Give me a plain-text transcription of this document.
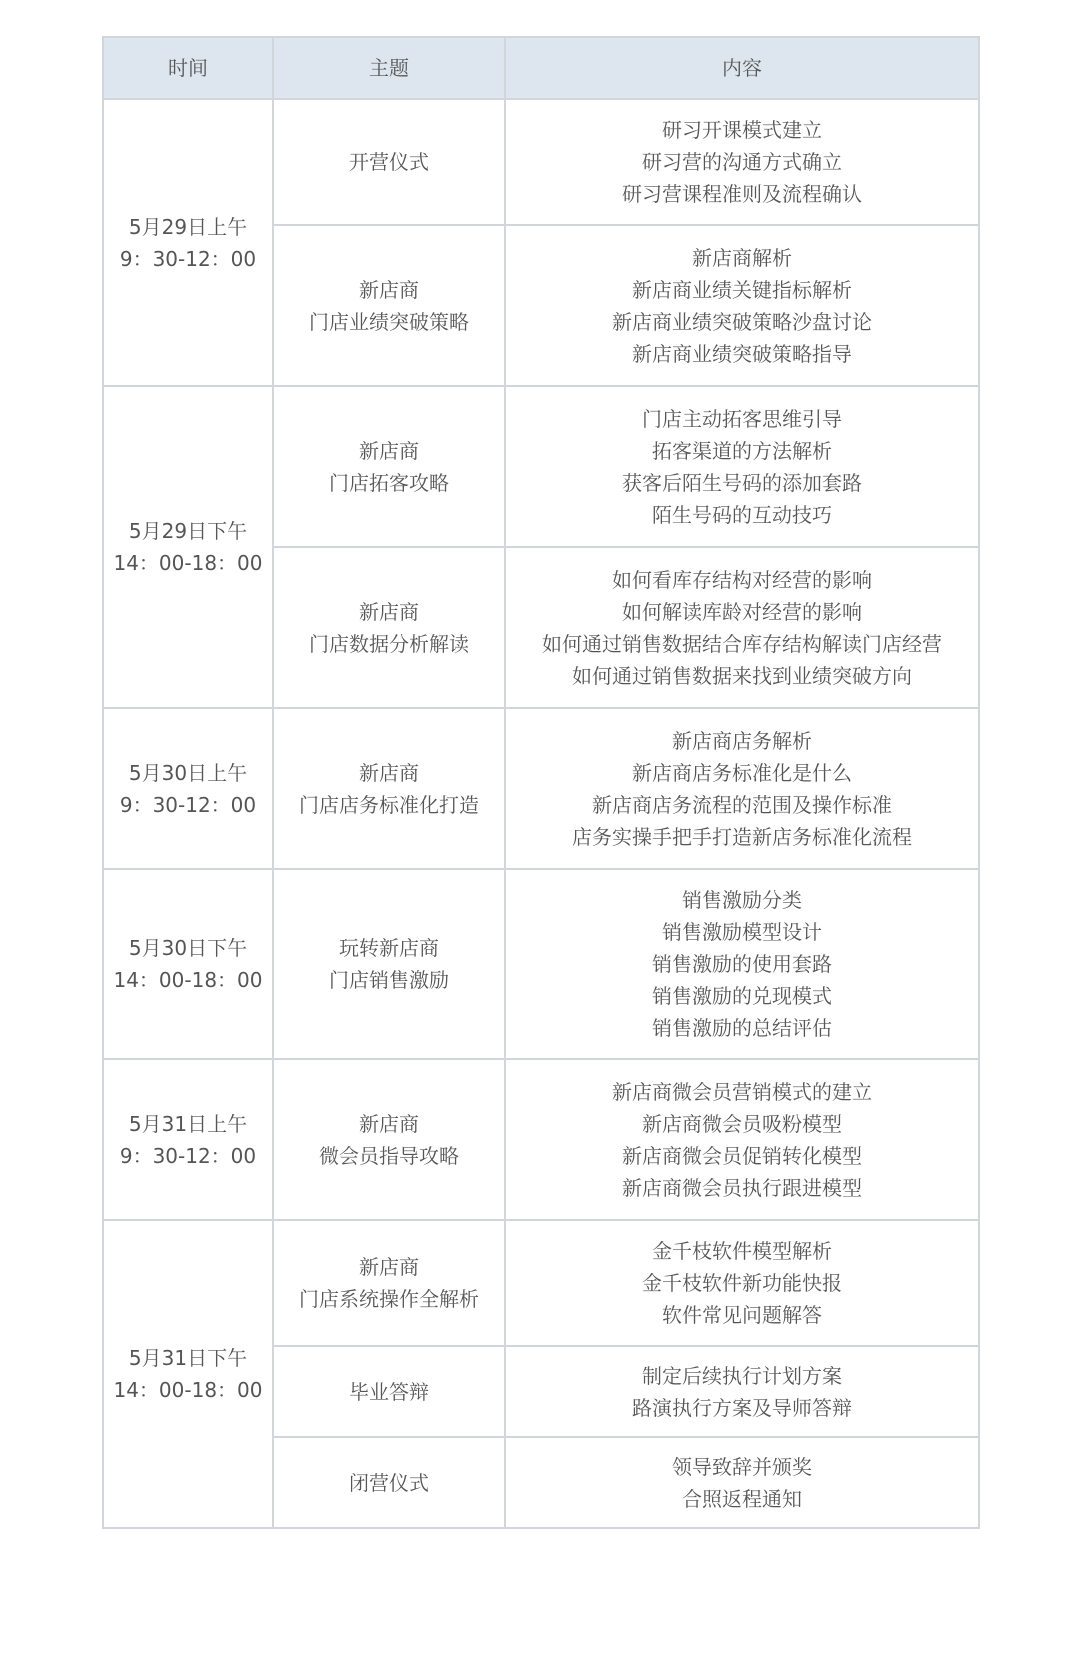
时间	主题	内容

5月29日上午
9：30-12：00	开营仪式	研习开课模式建立
研习营的沟通方式确立
研习营课程准则及流程确认

	新店商
门店业绩突破策略	新店商解析
新店商业绩关键指标解析
新店商业绩突破策略沙盘讨论
新店商业绩突破策略指导

5月29日下午
14：00-18：00	新店商
门店拓客攻略	门店主动拓客思维引导
拓客渠道的方法解析
获客后陌生号码的添加套路
陌生号码的互动技巧

	新店商
门店数据分析解读	如何看库存结构对经营的影响
如何解读库龄对经营的影响
如何通过销售数据结合库存结构解读门店经营
如何通过销售数据来找到业绩突破方向

5月30日上午
9：30-12：00	新店商
门店店务标准化打造	新店商店务解析
新店商店务标准化是什么
新店商店务流程的范围及操作标准
店务实操手把手打造新店务标准化流程

5月30日下午
14：00-18：00	玩转新店商
门店销售激励	销售激励分类
销售激励模型设计
销售激励的使用套路
销售激励的兑现模式
销售激励的总结评估

5月31日上午
9：30-12：00	新店商
微会员指导攻略	新店商微会员营销模式的建立
新店商微会员吸粉模型
新店商微会员促销转化模型
新店商微会员执行跟进模型

5月31日下午
14：00-18：00	新店商
门店系统操作全解析	金千枝软件模型解析
金千枝软件新功能快报
软件常见问题解答

	毕业答辩	制定后续执行计划方案
路演执行方案及导师答辩

	闭营仪式	领导致辞并颁奖
合照返程通知
